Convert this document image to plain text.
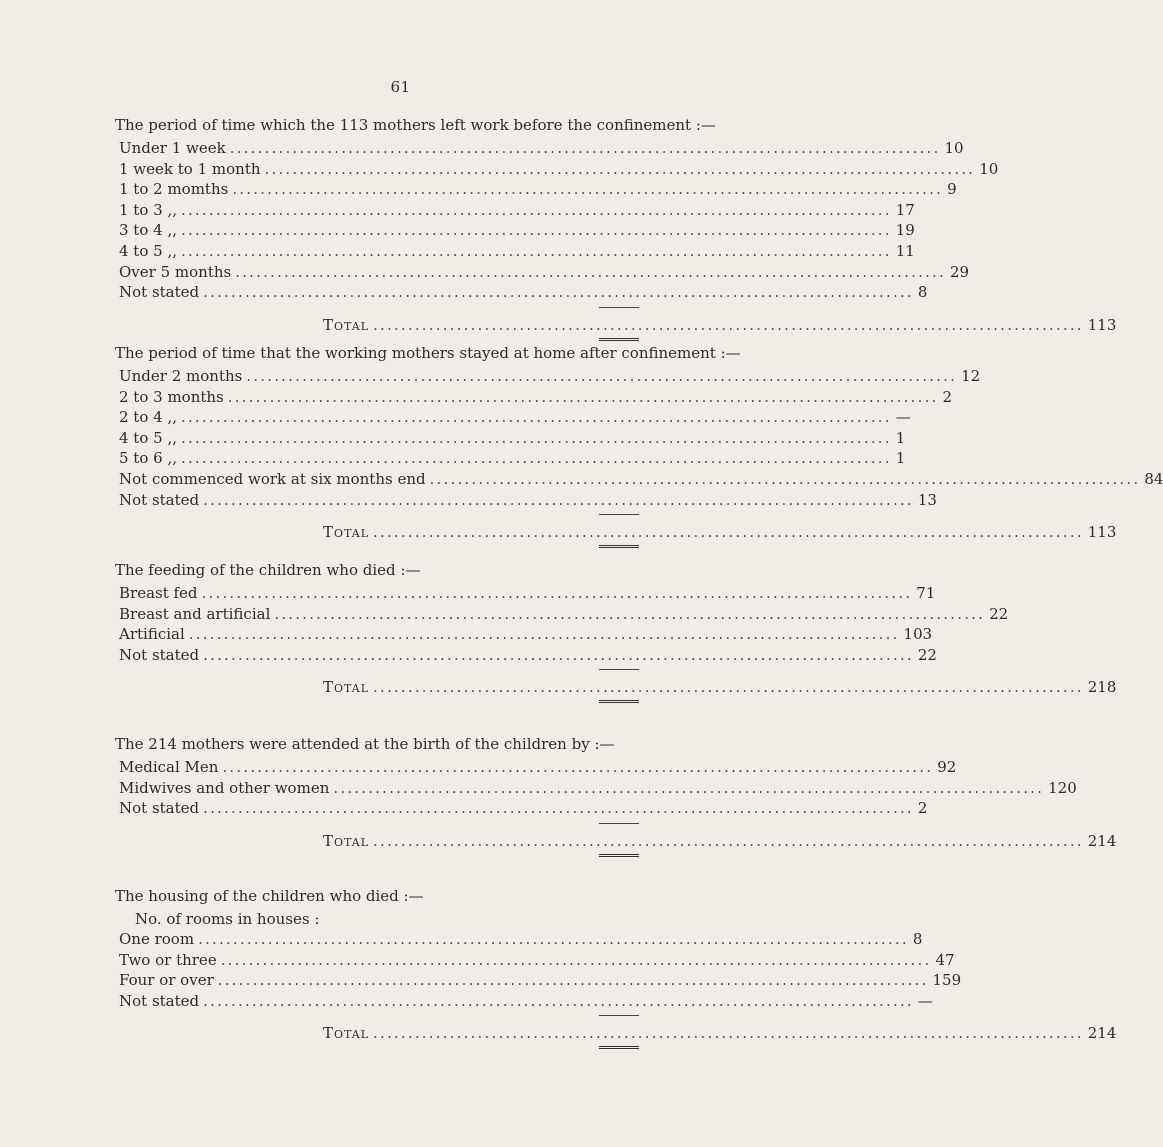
61
The period of time which the 113 mothers left work before the confinement :—
Under 1 week ...................................................................................................... 10
1 week to 1 month ...................................................................................................... 10
1 to 2 momths ...................................................................................................... 9
1 to 3 ,, ...................................................................................................... 17
3 to 4 ,, ...................................................................................................... 19
4 to 5 ,, ...................................................................................................... 11
Over 5 months ...................................................................................................... 29
Not stated ...................................................................................................... 8
Total ...................................................................................................... 113
The period of time that the working mothers stayed at home after confinement :—
Under 2 months ...................................................................................................... 12
2 to 3 months ...................................................................................................... 2
2 to 4 ,, ...................................................................................................... —
4 to 5 ,, ...................................................................................................... 1
5 to 6 ,, ...................................................................................................... 1
Not commenced work at six months end ...................................................................................................... 84
Not stated ...................................................................................................... 13
Total ...................................................................................................... 113
The feeding of the children who died :—
Breast fed ...................................................................................................... 71
Breast and artificial ...................................................................................................... 22
Artificial ...................................................................................................... 103
Not stated ...................................................................................................... 22
Total ...................................................................................................... 218
The 214 mothers were attended at the birth of the children by :—
Medical Men ...................................................................................................... 92
Midwives and other women ...................................................................................................... 120
Not stated ...................................................................................................... 2
Total ...................................................................................................... 214
The housing of the children who died :—
No. of rooms in houses :
One room ...................................................................................................... 8
Two or three ...................................................................................................... 47
Four or over ...................................................................................................... 159
Not stated ...................................................................................................... —
Total ...................................................................................................... 214
